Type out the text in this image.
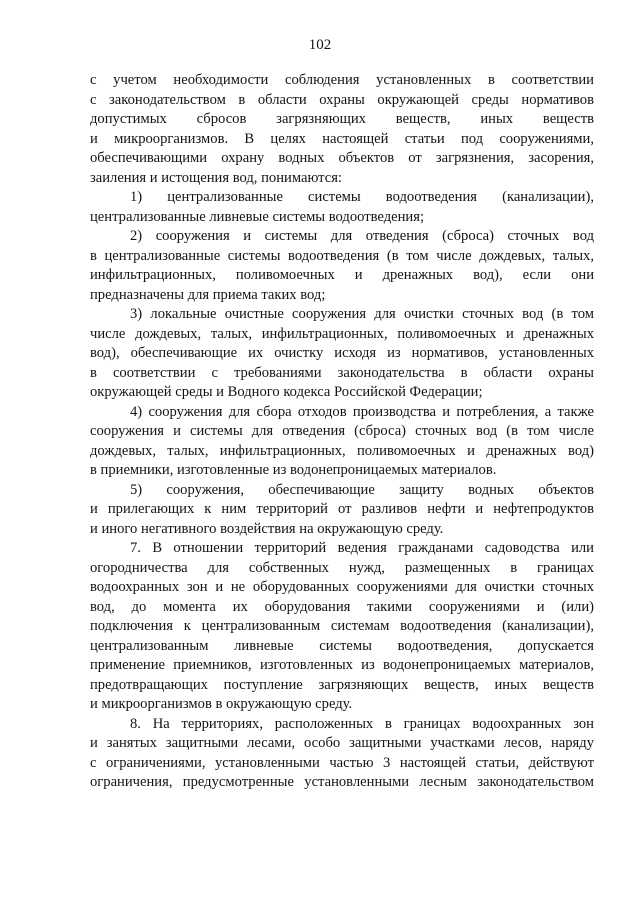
102
с учетом необходимости соблюдения установленных в соответствии
с законодательством в области охраны окружающей среды нормативов
допустимых сбросов загрязняющих веществ, иных веществ
и микроорганизмов. В целях настоящей статьи под сооружениями,
обеспечивающими охрану водных объектов от загрязнения, засорения,
заиления и истощения вод, понимаются:
1) централизованные системы водоотведения (канализации),
централизованные ливневые системы водоотведения;
2) сооружения и системы для отведения (сброса) сточных вод
в централизованные системы водоотведения (в том числе дождевых, талых,
инфильтрационных, поливомоечных и дренажных вод), если они
предназначены для приема таких вод;
3) локальные очистные сооружения для очистки сточных вод (в том
числе дождевых, талых, инфильтрационных, поливомоечных и дренажных
вод), обеспечивающие их очистку исходя из нормативов, установленных
в соответствии с требованиями законодательства в области охраны
окружающей среды и Водного кодекса Российской Федерации;
4) сооружения для сбора отходов производства и потребления, а также
сооружения и системы для отведения (сброса) сточных вод (в том числе
дождевых, талых, инфильтрационных, поливомоечных и дренажных вод)
в приемники, изготовленные из водонепроницаемых материалов.
5) сооружения, обеспечивающие защиту водных объектов
и прилегающих к ним территорий от разливов нефти и нефтепродуктов
и иного негативного воздействия на окружающую среду.
7. В отношении территорий ведения гражданами садоводства или
огородничества для собственных нужд, размещенных в границах
водоохранных зон и не оборудованных сооружениями для очистки сточных
вод, до момента их оборудования такими сооружениями и (или)
подключения к централизованным системам водоотведения (канализации),
централизованным ливневые системы водоотведения, допускается
применение приемников, изготовленных из водонепроницаемых материалов,
предотвращающих поступление загрязняющих веществ, иных веществ
и микроорганизмов в окружающую среду.
8. На территориях, расположенных в границах водоохранных зон
и занятых защитными лесами, особо защитными участками лесов, наряду
с ограничениями, установленными частью 3 настоящей статьи, действуют
ограничения, предусмотренные установленными лесным законодательством
